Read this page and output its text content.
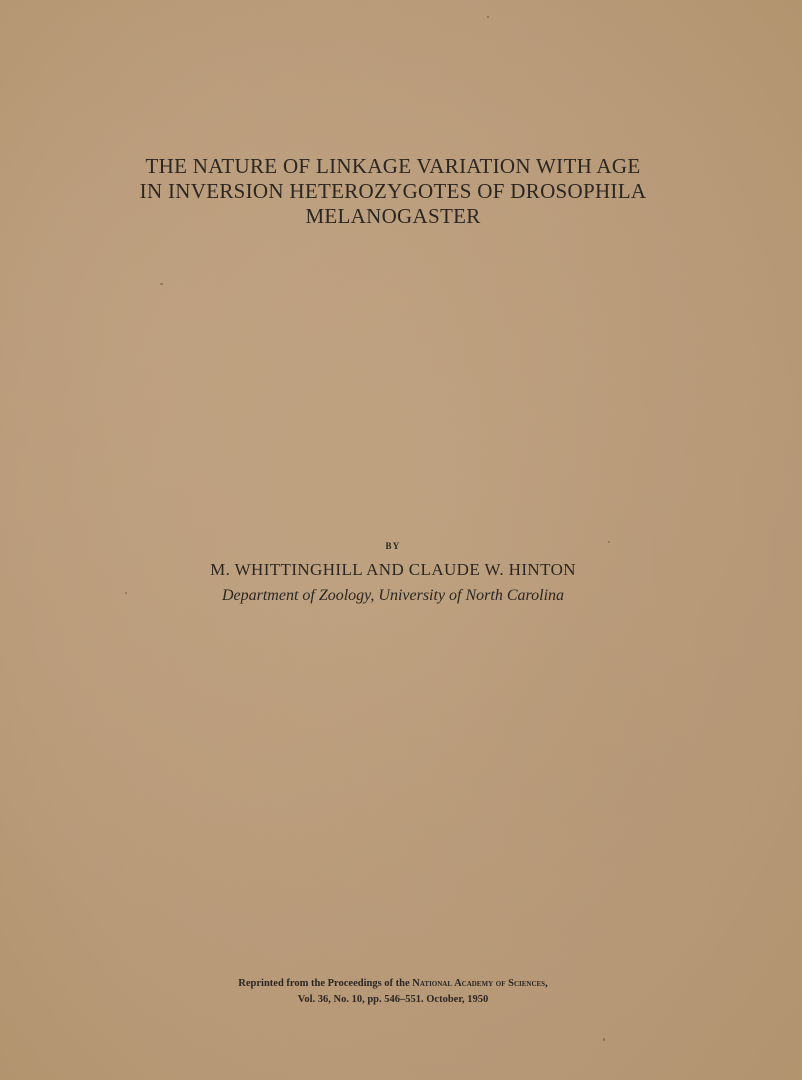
THE NATURE OF LINKAGE VARIATION WITH AGE
IN INVERSION HETEROZYGOTES OF DROSOPHILA
MELANOGASTER
BY
M. WHITTINGHILL AND CLAUDE W. HINTON
Department of Zoology, University of North Carolina
Reprinted from the Proceedings of the National Academy of Sciences,
Vol. 36, No. 10, pp. 546–551. October, 1950
